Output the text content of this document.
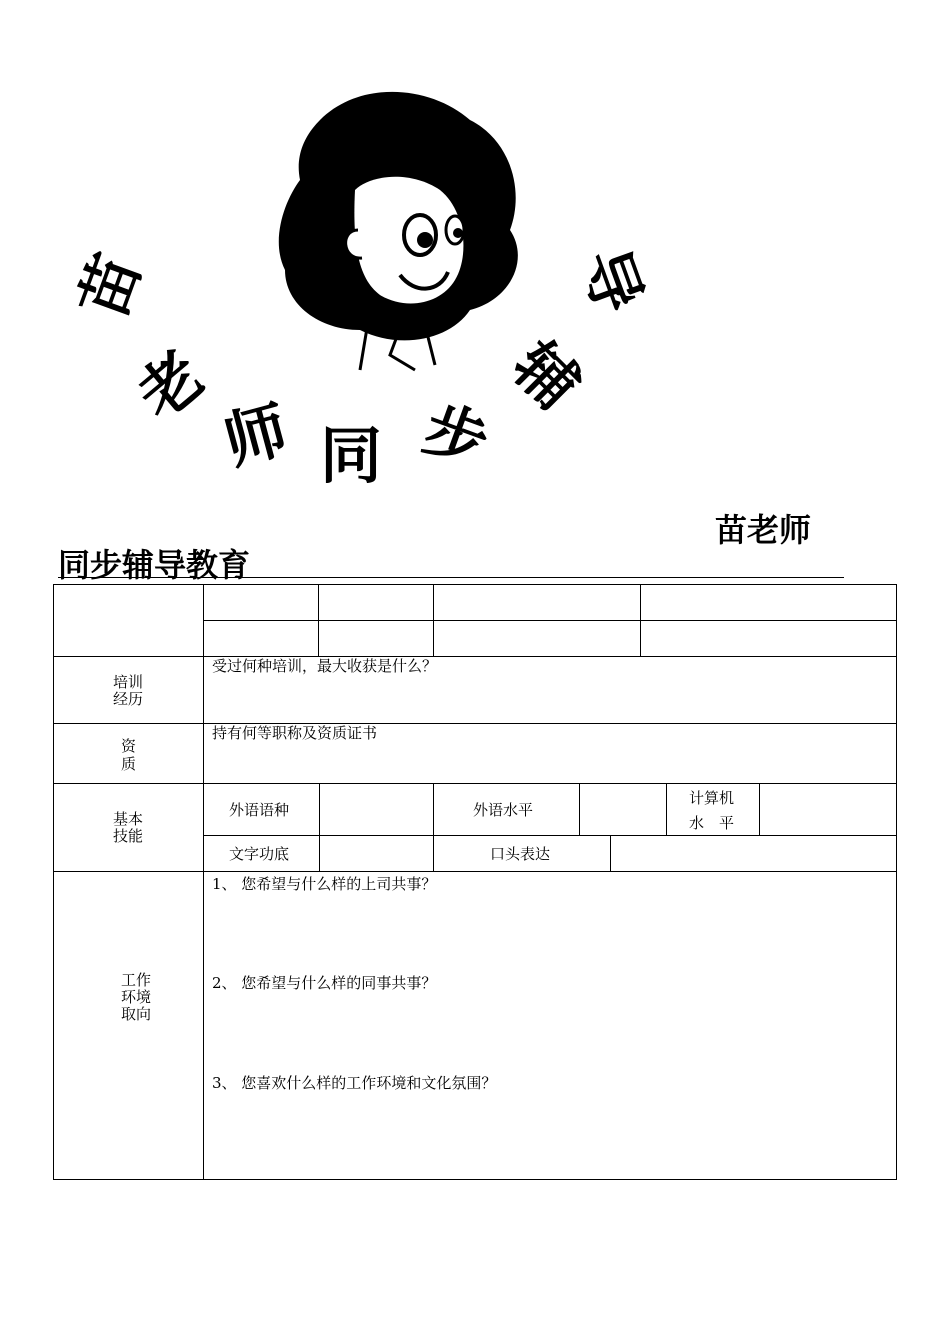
苗
老
师 同 步
辅
导
苗老师
同步辅导教育
培训
经历
受过何种培训，最大收获是什么？
资
质
持有何等职称及资质证书
基本
技能
外语语种	外语水平
计算机
水　平
文字功底	口头表达
工作
环境
取向
1、 您希望与什么样的上司共事？
2、 您希望与什么样的同事共事？
3、 您喜欢什么样的工作环境和文化氛围？
